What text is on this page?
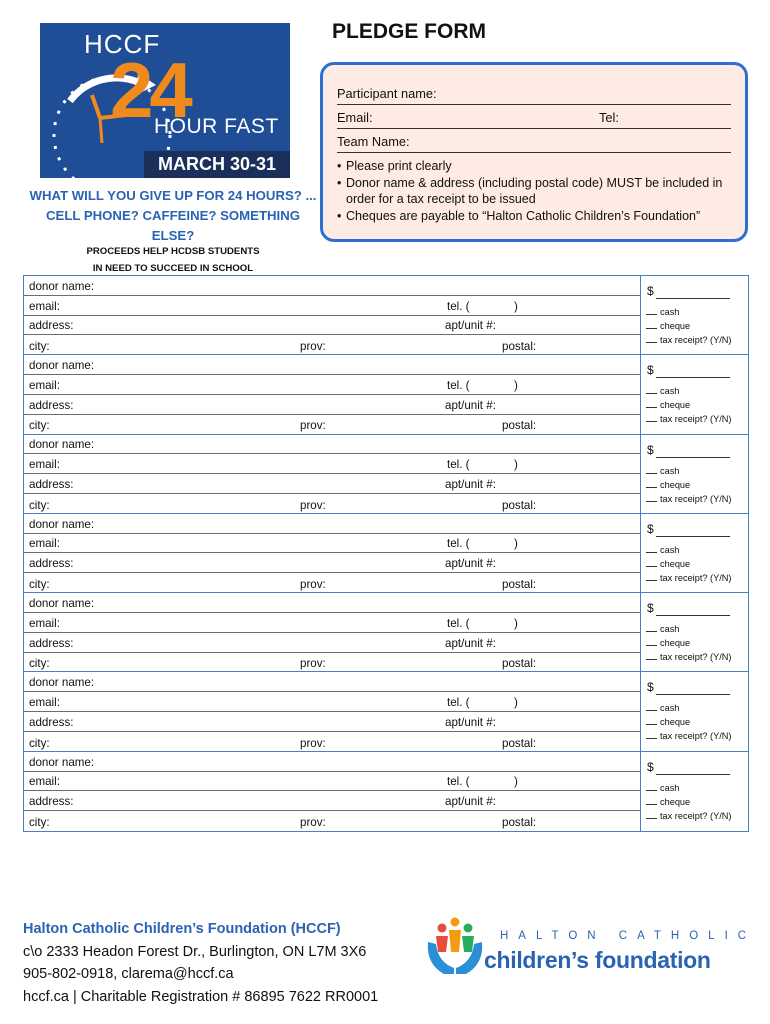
HCCF
24
HOUR FAST
MARCH 30-31
WHAT WILL YOU GIVE UP FOR 24 HOURS? ... CELL PHONE? CAFFEINE? SOMETHING ELSE?
PROCEEDS HELP HCDSB STUDENTS
IN NEED TO SUCCEED IN SCHOOL
PLEDGE FORM
Participant name:
Email:	Tel:
Team Name:
• Please print clearly
• Donor name & address (including postal code) MUST be included in order for a tax receipt to be issued
• Cheques are payable to “Halton Catholic Children’s Foundation”
donor name:
email:	tel. (	)
address:	apt/unit #:
city:	prov:	postal:
$
cash
cheque
tax receipt? (Y/N)
donor name:
email:	tel. (	)
address:	apt/unit #:
city:	prov:	postal:
$
cash
cheque
tax receipt? (Y/N)
donor name:
email:	tel. (	)
address:	apt/unit #:
city:	prov:	postal:
$
cash
cheque
tax receipt? (Y/N)
donor name:
email:	tel. (	)
address:	apt/unit #:
city:	prov:	postal:
$
cash
cheque
tax receipt? (Y/N)
donor name:
email:	tel. (	)
address:	apt/unit #:
city:	prov:	postal:
$
cash
cheque
tax receipt? (Y/N)
donor name:
email:	tel. (	)
address:	apt/unit #:
city:	prov:	postal:
$
cash
cheque
tax receipt? (Y/N)
donor name:
email:	tel. (	)
address:	apt/unit #:
city:	prov:	postal:
$
cash
cheque
tax receipt? (Y/N)
Halton Catholic Children’s Foundation (HCCF)
c\o 2333 Headon Forest Dr., Burlington, ON L7M 3X6
905-802-0918, clarema@hccf.ca
hccf.ca | Charitable Registration # 86895 7622 RR0001
HALTON CATHOLIC
children’s foundation
